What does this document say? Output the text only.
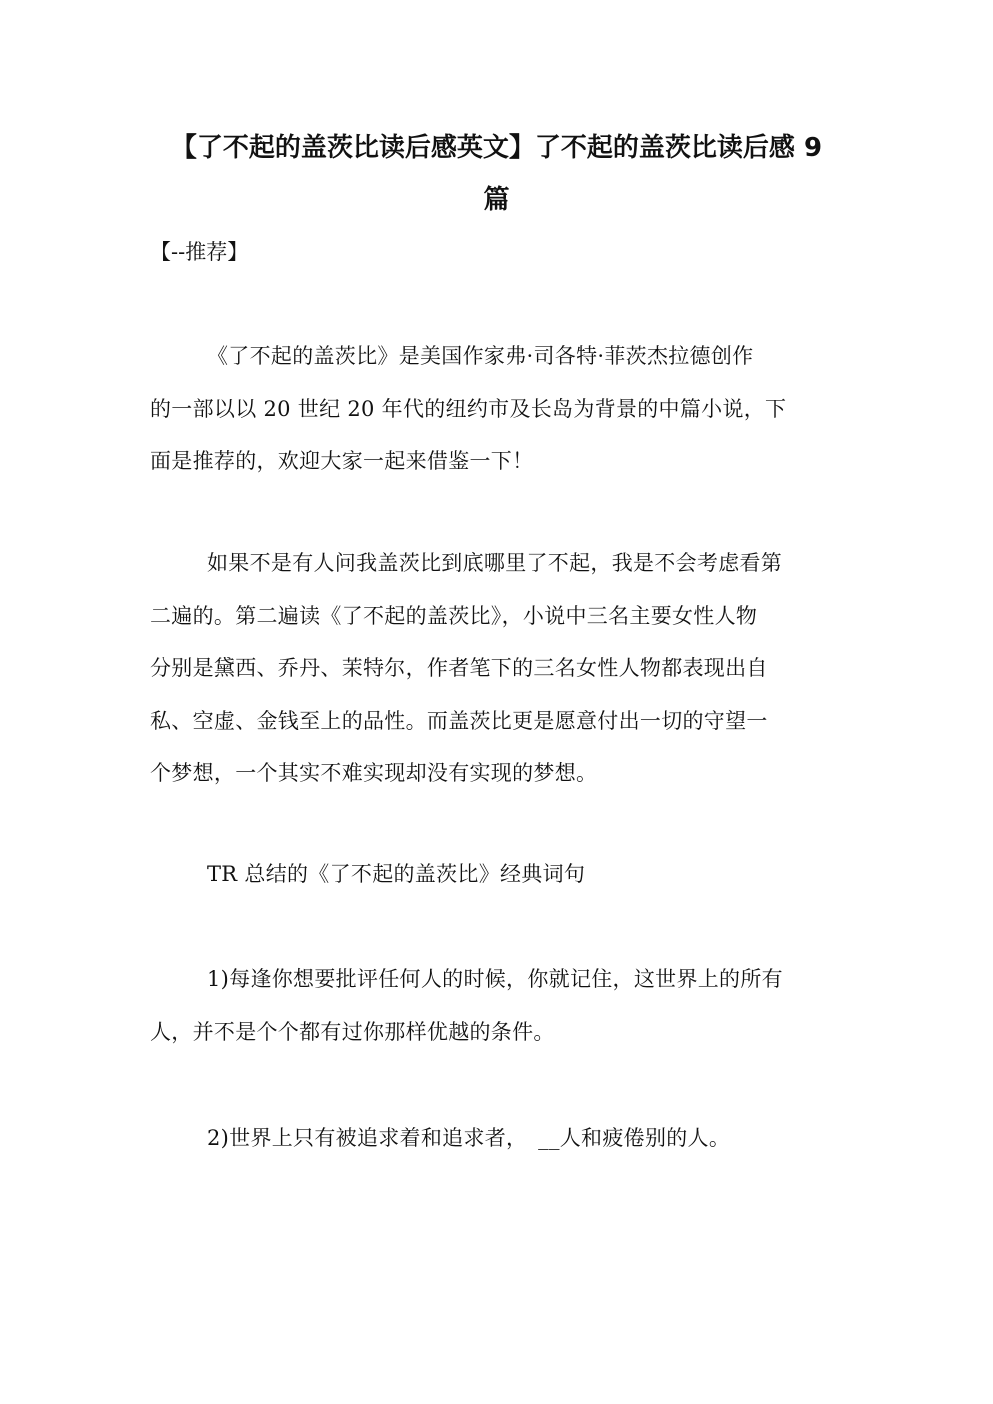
【了不起的盖茨比读后感英文】了不起的盖茨比读后感 9
篇

【--推荐】

《了不起的盖茨比》是美国作家弗·司各特·菲茨杰拉德创作
的一部以以 20 世纪 20 年代的纽约市及长岛为背景的中篇小说，下
面是推荐的，欢迎大家一起来借鉴一下！

如果不是有人问我盖茨比到底哪里了不起，我是不会考虑看第
二遍的。第二遍读《了不起的盖茨比》，小说中三名主要女性人物
分别是黛西、乔丹、茉特尔，作者笔下的三名女性人物都表现出自
私、空虚、金钱至上的品性。而盖茨比更是愿意付出一切的守望一
个梦想，一个其实不难实现却没有实现的梦想。

TR 总结的《了不起的盖茨比》经典词句

1)每逢你想要批评任何人的时候，你就记住，这世界上的所有
人，并不是个个都有过你那样优越的条件。

2)世界上只有被追求着和追求者，　__人和疲倦别的人。
